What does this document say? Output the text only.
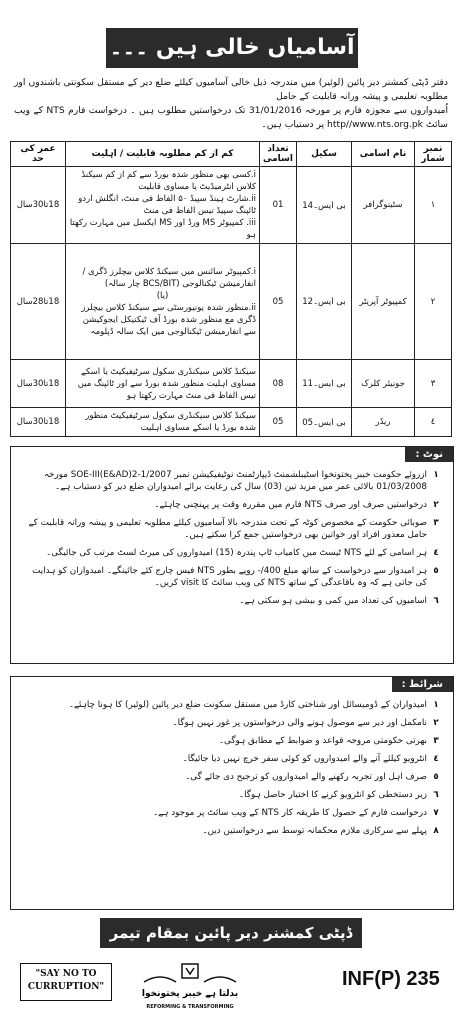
آسامیاں خالی ہیں ۔۔۔
دفتر ڈپٹی کمشنر دیر پائین (لوئیر) میں مندرجہ ذیل خالی آسامیوں کیلئے ضلع دیر کے مستقل سکونتی باشندوں اور مطلوبہ تعلیمی و پیشہ ورانہ قابلیت کے حامل
اُمیدواروں سے مجوزہ فارم پر مورخہ 31/01/2016 تک درخواستیں مطلوب ہیں ۔ درخواست فارم NTS کے ویب سائٹ http//www.nts.org.pk پر دستیاب ہیں۔
نمبر شمار	نام اسامی	سکیل	تعداد اسامی	کم از کم مطلوبہ قابلیت / اہلیت	عمر کی حد
١	سٹینوگرافر	بی ایس۔14	01	i.کسی بھی منظور شدہ بورڈ سے کم از کم سیکنڈ کلاس انٹرمیڈیٹ یا مساوی قابلیت
ii.شارٹ ہینڈ سپیڈ ۵۰ الفاظ فی منٹ، انگلش اردو ٹائپنگ سپیڈ تیس الفاظ فی منٹ
iii. کمپیوٹر MS ورڈ اور MS ایکسل میں مہارت رکھتا ہو	18تا30سال
٢	کمپیوٹر آپریٹر	بی ایس۔12	05	i.کمپیوٹر سائنس میں سیکنڈ کلاس بیچلرز ڈگری / انفارمیشن ٹیکنالوجی (BCS/BIT چار سالہ)
(یا)
ii.منظور شدہ یونیورسٹی سے سیکنڈ کلاس بیچلرز ڈگری مع منظور شدہ بورڈ آف ٹیکنیکل ایجوکیشن سے انفارمیشن ٹیکنالوجی میں ایک سالہ ڈپلومہ	18تا28سال
٣	جونیئر کلرک	بی ایس۔11	08	سیکنڈ کلاس سیکنڈری سکول سرٹیفیکیٹ یا اسکے مساوی اہلیت منظور شدہ بورڈ سے اور ٹائپنگ میں تیس الفاظ فی منٹ مہارت رکھتا ہو	18تا30سال
٤	ریڈر	بی ایس۔05	05	سیکنڈ کلاس سیکنڈری سکول سرٹیفیکیٹ منظور شدہ بورڈ یا اسکے مساوی اہلیت	18تا30سال
نوٹ :
١
ازروئے حکومت خیبر پختونخوا اسٹیبلشمنٹ ڈیپارٹمنٹ نوٹیفیکیشن نمبر SOE-III(E&AD)2-1/2007 مورخہ 01/03/2008 بالائی عمر میں مزید تین (03) سال کی رعایت برائے امیدواران ضلع دیر کو دستیاب ہے۔
٢
درخواستیں صرف اور صرف NTS فارم میں مقررہ وقت پر پہنچنی چاہئے۔
٣
صوبائی حکومت کے مخصوص کوٹہ کے تحت مندرجہ بالا آسامیوں کیلئے مطلوبہ تعلیمی و پیشہ ورانہ قابلیت کے حامل معذور افراد اور خواتین بھی درخواستیں جمع کرا سکتے ہیں۔
٤
ہر اسامی کے لئے NTS ٹیسٹ میں کامیاب ٹاپ پندرہ (15) امیدواروں کی میرٹ لسٹ مرتب کی جائیگی۔
٥
ہر امیدوار سے درخواست کے ساتھ مبلغ 400/- روپے بطور NTS فیس چارج کئے جائینگے۔ امیدواران کو ہدایت کی جاتی ہے کہ وہ باقاعدگی کے ساتھ NTS کی ویب سائٹ کا visit کریں۔
٦
اسامیوں کی تعداد میں کمی و بیشی ہو سکتی ہے۔
شرائط :
١
امیدواران کے ڈومیسائل اور شناختی کارڈ میں مستقل سکونت ضلع دیر پائین (لوئیر) کا ہونا چاہئے۔
٢
نامکمل اور دیر سے موصول ہونے والی درخواستوں پر غور نہیں ہوگا۔
٣
بھرتی حکومتی مروجہ قواعد و ضوابط کے مطابق ہوگی۔
٤
انٹرویو کیلئے آنے والے امیدواروں کو کوئی سفر خرچ نہیں دیا جائیگا۔
٥
صرف اہل اور تجربہ رکھنے والے امیدواروں کو ترجیح دی جائے گی۔
٦
زیر دستخطی کو انٹرویو کرنے کا اختیار حاصل ہوگا۔
٧
درخواست فارم کے حصول کا طریقہ کار NTS کے ویب سائٹ پر موجود ہے۔
٨
پہلے سے سرکاری ملازم محکمانہ توسط سے درخواستیں دیں۔
ڈپٹی کمشنر دیر پائین بمقام تیمر گرہ
"SAY NO TO
CURRUPTION"
بدلتا ہے خیبر پختونخوا
REFORMING & TRANSFORMING
INF(P) 235
